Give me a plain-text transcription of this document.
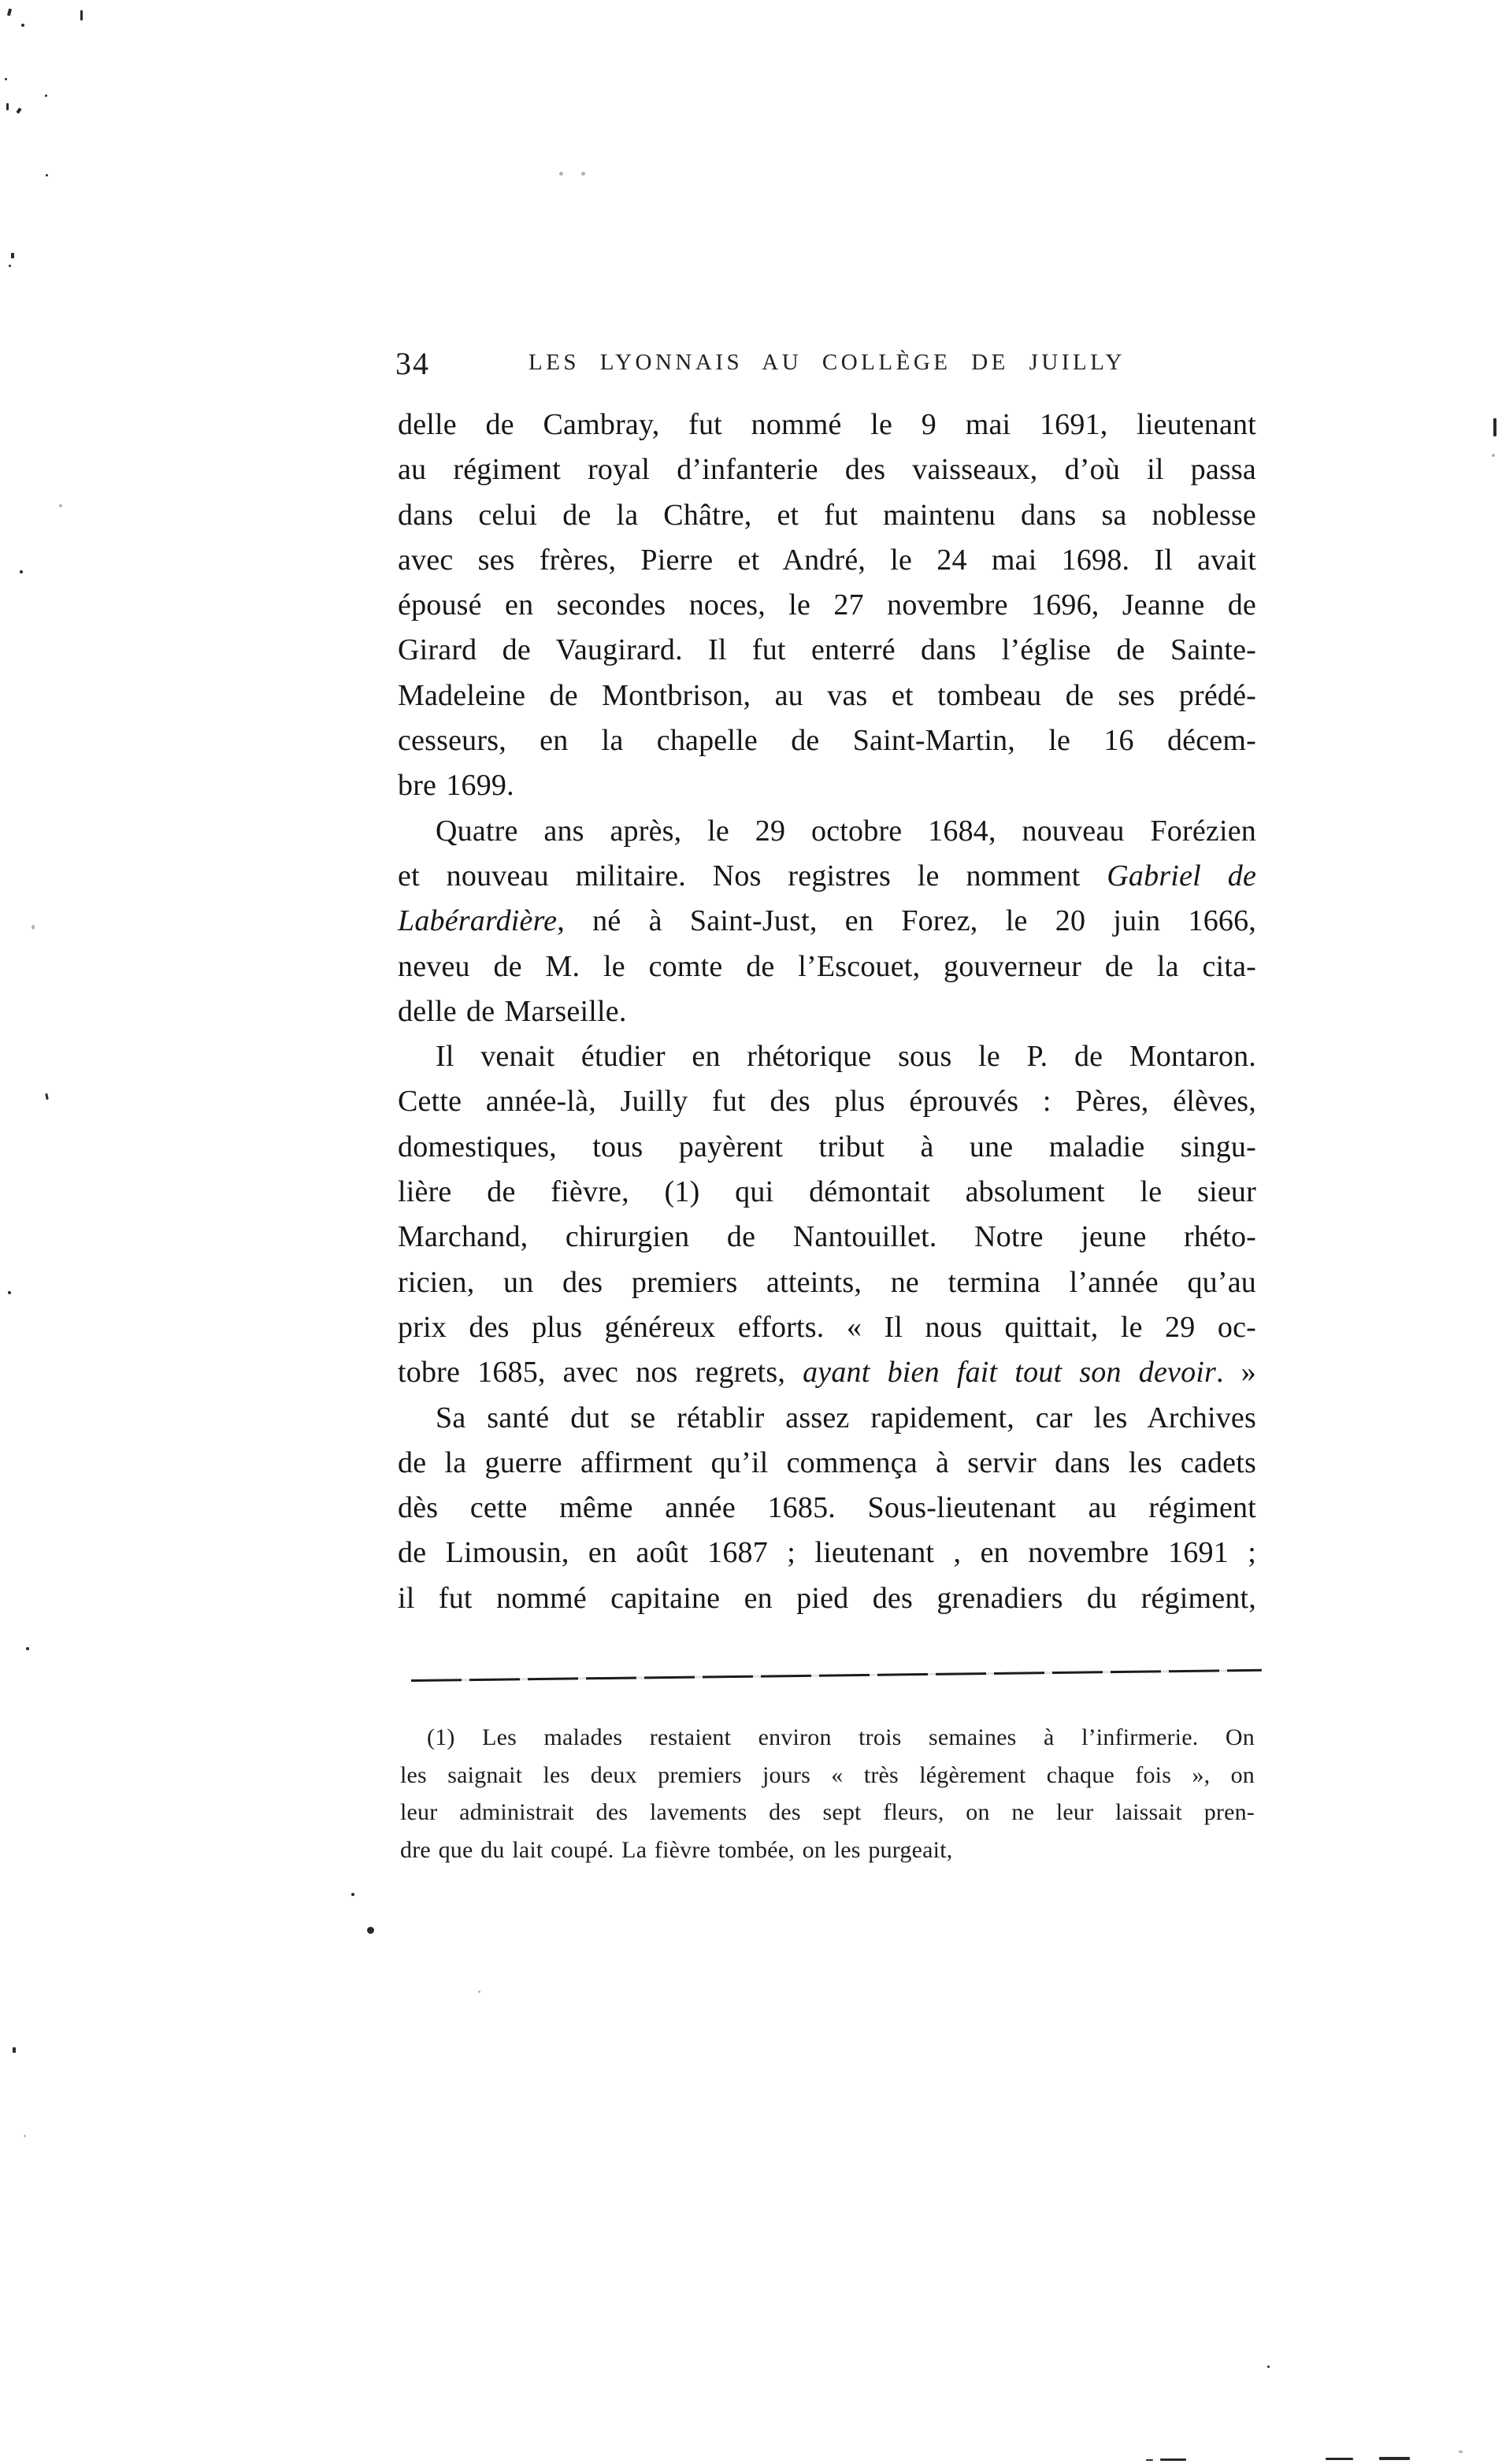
34	LES LYONNAIS AU COLLÈGE DE JUILLY
delle de Cambray, fut nommé le 9 mai 1691, lieutenant
au régiment royal d’infanterie des vaisseaux, d’où il passa
dans celui de la Châtre, et fut maintenu dans sa noblesse
avec ses frères, Pierre et André, le 24 mai 1698. Il avait
épousé en secondes noces, le 27 novembre 1696, Jeanne de
Girard de Vaugirard. Il fut enterré dans l’église de Sainte-
Madeleine de Montbrison, au vas et tombeau de ses prédé-
cesseurs, en la chapelle de Saint-Martin, le 16 décem-
bre 1699.
Quatre ans après, le 29 octobre 1684, nouveau Forézien
et nouveau militaire. Nos registres le nomment Gabriel de
Labérardière, né à Saint-Just, en Forez, le 20 juin 1666,
neveu de M. le comte de l’Escouet, gouverneur de la cita-
delle de Marseille.
Il venait étudier en rhétorique sous le P. de Montaron.
Cette année-là, Juilly fut des plus éprouvés : Pères, élèves,
domestiques, tous payèrent tribut à une maladie singu-
lière de fièvre, (1) qui démontait absolument le sieur
Marchand, chirurgien de Nantouillet. Notre jeune rhéto-
ricien, un des premiers atteints, ne termina l’année qu’au
prix des plus généreux efforts. « Il nous quittait, le 29 oc-
tobre 1685, avec nos regrets, ayant bien fait tout son devoir. »
Sa santé dut se rétablir assez rapidement, car les Archives
de la guerre affirment qu’il commença à servir dans les cadets
dès cette même année 1685. Sous-lieutenant au régiment
de Limousin, en août 1687 ; lieutenant , en novembre 1691 ;
il fut nommé capitaine en pied des grenadiers du régiment,
(1) Les malades restaient environ trois semaines à l’infirmerie. On
les saignait les deux premiers jours « très légèrement chaque fois », on
leur administrait des lavements des sept fleurs, on ne leur laissait pren-
dre que du lait coupé. La fièvre tombée, on les purgeait,
